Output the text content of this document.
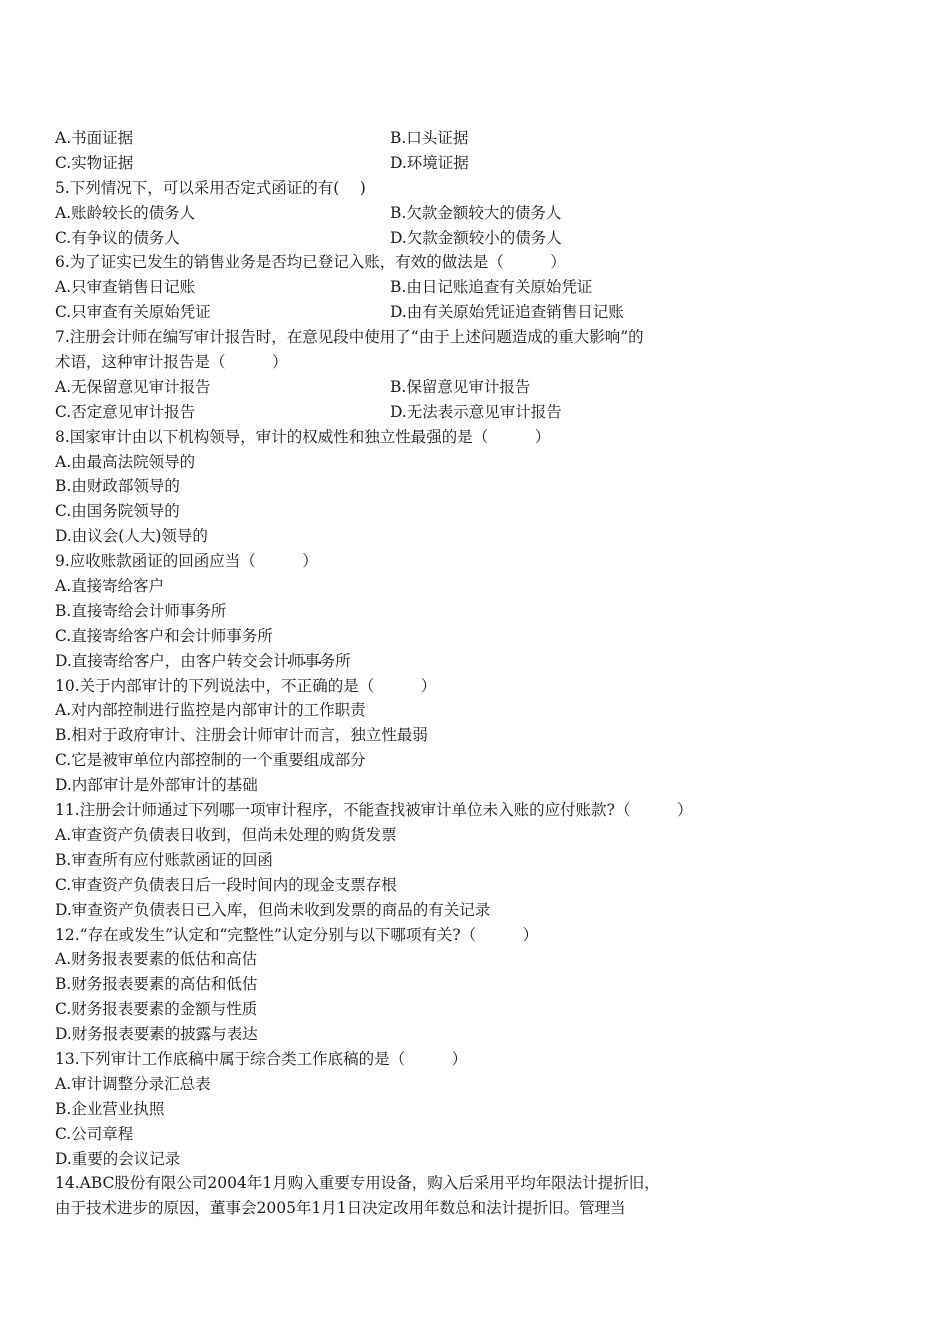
A.书面证据	B.口头证据
C.实物证据	D.环境证据
5.下列情况下，可以采用否定式函证的有(　 )
A.账龄较长的债务人	B.欠款金额较大的债务人
C.有争议的债务人	D.欠款金额较小的债务人
6.为了证实已发生的销售业务是否均已登记入账，有效的做法是（　　　）
A.只审查销售日记账	B.由日记账追查有关原始凭证
C.只审查有关原始凭证	D.由有关原始凭证追查销售日记账
7.注册会计师在编写审计报告时，在意见段中使用了“由于上述问题造成的重大影响”的
术语，这种审计报告是（　　　）
A.无保留意见审计报告	B.保留意见审计报告
C.否定意见审计报告	D.无法表示意见审计报告
8.国家审计由以下机构领导，审计的权威性和独立性最强的是（　　　）
A.由最高法院领导的
B.由财政部领导的
C.由国务院领导的
D.由议会(人大)领导的
9.应收账款函证的回函应当（　　　）
A.直接寄给客户
B.直接寄给会计师事务所
C.直接寄给客户和会计师事务所
D.直接寄给客户，由客户转交会计师事务所
10.关于内部审计的下列说法中，不正确的是（　　　）
A.对内部控制进行监控是内部审计的工作职责
B.相对于政府审计、注册会计师审计而言，独立性最弱
C.它是被审单位内部控制的一个重要组成部分
D.内部审计是外部审计的基础
11.注册会计师通过下列哪一项审计程序，不能查找被审计单位未入账的应付账款?（　　　）
A.审查资产负债表日收到，但尚未处理的购货发票
B.审查所有应付账款函证的回函
C.审查资产负债表日后一段时间内的现金支票存根
D.审查资产负债表日已入库，但尚未收到发票的商品的有关记录
12.“存在或发生”认定和“完整性”认定分别与以下哪项有关?（　　　）
A.财务报表要素的低估和高估
B.财务报表要素的高估和低估
C.财务报表要素的金额与性质
D.财务报表要素的披露与表达
13.下列审计工作底稿中属于综合类工作底稿的是（　　　）
A.审计调整分录汇总表
B.企业营业执照
C.公司章程
D.重要的会议记录
14.ABC股份有限公司2004年1月购入重要专用设备，购入后采用平均年限法计提折旧，
由于技术进步的原因，董事会2005年1月1日决定改用年数总和法计提折旧。管理当
